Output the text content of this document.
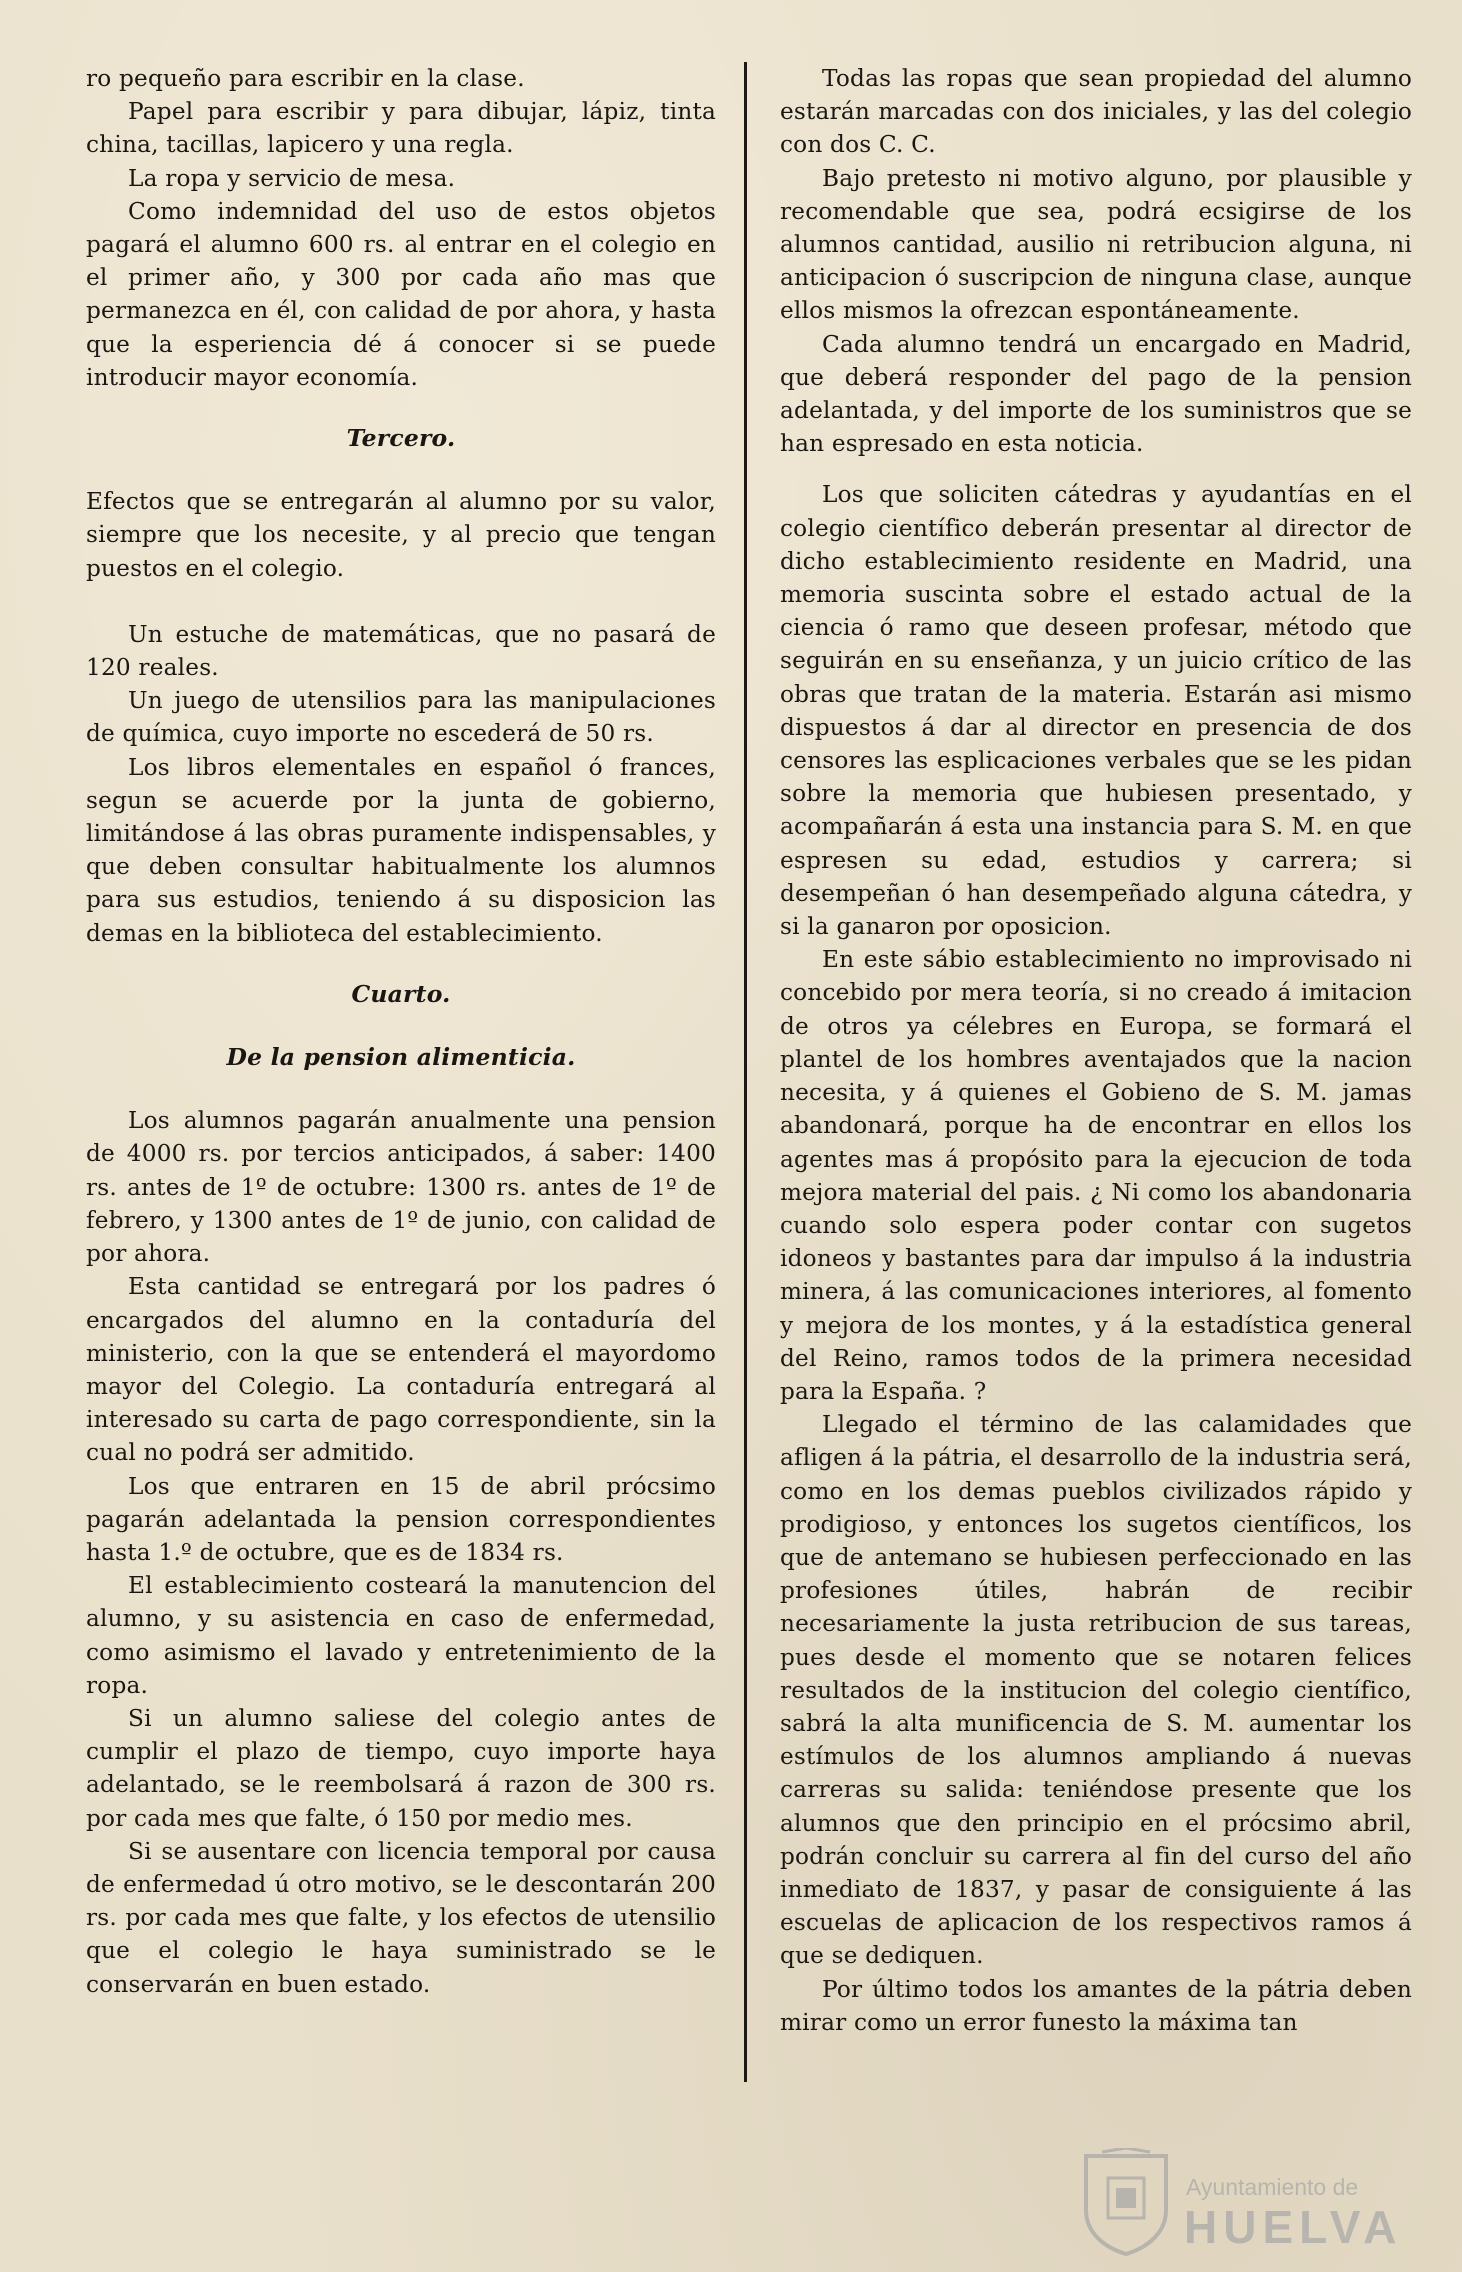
ro pequeño para escribir en la clase.

Papel para escribir y para dibujar, lápiz, tinta china, tacillas, lapicero y una regla.

La ropa y servicio de mesa.

Como indemnidad del uso de estos objetos pagará el alumno 600 rs. al entrar en el colegio en el primer año, y 300 por cada año mas que permanezca en él, con calidad de por ahora, y hasta que la esperiencia dé á conocer si se puede introducir mayor economía.

Tercero.

Efectos que se entregarán al alumno por su valor, siempre que los necesite, y al precio que tengan puestos en el colegio.

Un estuche de matemáticas, que no pasará de 120 reales.

Un juego de utensilios para las manipulaciones de química, cuyo importe no escederá de 50 rs.

Los libros elementales en español ó frances, segun se acuerde por la junta de gobierno, limitándose á las obras puramente indispensables, y que deben consultar habitualmente los alumnos para sus estudios, teniendo á su disposicion las demas en la biblioteca del establecimiento.

Cuarto.

De la pension alimenticia.

Los alumnos pagarán anualmente una pension de 4000 rs. por tercios anticipados, á saber: 1400 rs. antes de 1º de octubre: 1300 rs. antes de 1º de febrero, y 1300 antes de 1º de junio, con calidad de por ahora.

Esta cantidad se entregará por los padres ó encargados del alumno en la contaduría del ministerio, con la que se entenderá el mayordomo mayor del Colegio. La contaduría entregará al interesado su carta de pago correspondiente, sin la cual no podrá ser admitido.

Los que entraren en 15 de abril prócsimo pagarán adelantada la pension correspondientes hasta 1.º de octubre, que es de 1834 rs.

El establecimiento costeará la manutencion del alumno, y su asistencia en caso de enfermedad, como asimismo el lavado y entretenimiento de la ropa.

Si un alumno saliese del colegio antes de cumplir el plazo de tiempo, cuyo importe haya adelantado, se le reembolsará á razon de 300 rs. por cada mes que falte, ó 150 por medio mes.

Si se ausentare con licencia temporal por causa de enfermedad ú otro motivo, se le descontarán 200 rs. por cada mes que falte, y los efectos de utensilio que el colegio le haya suministrado se le conservarán en buen estado.

Todas las ropas que sean propiedad del alumno estarán marcadas con dos iniciales, y las del colegio con dos C. C.

Bajo pretesto ni motivo alguno, por plausible y recomendable que sea, podrá ecsigirse de los alumnos cantidad, ausilio ni retribucion alguna, ni anticipacion ó suscripcion de ninguna clase, aunque ellos mismos la ofrezcan espontáneamente.

Cada alumno tendrá un encargado en Madrid, que deberá responder del pago de la pension adelantada, y del importe de los suministros que se han espresado en esta noticia.

Los que soliciten cátedras y ayudantías en el colegio científico deberán presentar al director de dicho establecimiento residente en Madrid, una memoria suscinta sobre el estado actual de la ciencia ó ramo que deseen profesar, método que seguirán en su enseñanza, y un juicio crítico de las obras que tratan de la materia. Estarán asi mismo dispuestos á dar al director en presencia de dos censores las esplicaciones verbales que se les pidan sobre la memoria que hubiesen presentado, y acompañarán á esta una instancia para S. M. en que espresen su edad, estudios y carrera; si desempeñan ó han desempeñado alguna cátedra, y si la ganaron por oposicion.

En este sábio establecimiento no improvisado ni concebido por mera teoría, si no creado á imitacion de otros ya célebres en Europa, se formará el plantel de los hombres aventajados que la nacion necesita, y á quienes el Gobieno de S. M. jamas abandonará, porque ha de encontrar en ellos los agentes mas á propósito para la ejecucion de toda mejora material del pais. ¿ Ni como los abandonaria cuando solo espera poder contar con sugetos idoneos y bastantes para dar impulso á la industria minera, á las comunicaciones interiores, al fomento y mejora de los montes, y á la estadística general del Reino, ramos todos de la primera necesidad para la España. ?

Llegado el término de las calamidades que afligen á la pátria, el desarrollo de la industria será, como en los demas pueblos civilizados rápido y prodigioso, y entonces los sugetos científicos, los que de antemano se hubiesen perfeccionado en las profesiones útiles, habrán de recibir necesariamente la justa retribucion de sus tareas, pues desde el momento que se notaren felices resultados de la institucion del colegio científico, sabrá la alta munificencia de S. M. aumentar los estímulos de los alumnos ampliando á nuevas carreras su salida: teniéndose presente que los alumnos que den principio en el prócsimo abril, podrán concluir su carrera al fin del curso del año inmediato de 1837, y pasar de consiguiente á las escuelas de aplicacion de los respectivos ramos á que se dediquen.

Por último todos los amantes de la pátria deben mirar como un error funesto la máxima tan

Ayuntamiento de
HUELVA
